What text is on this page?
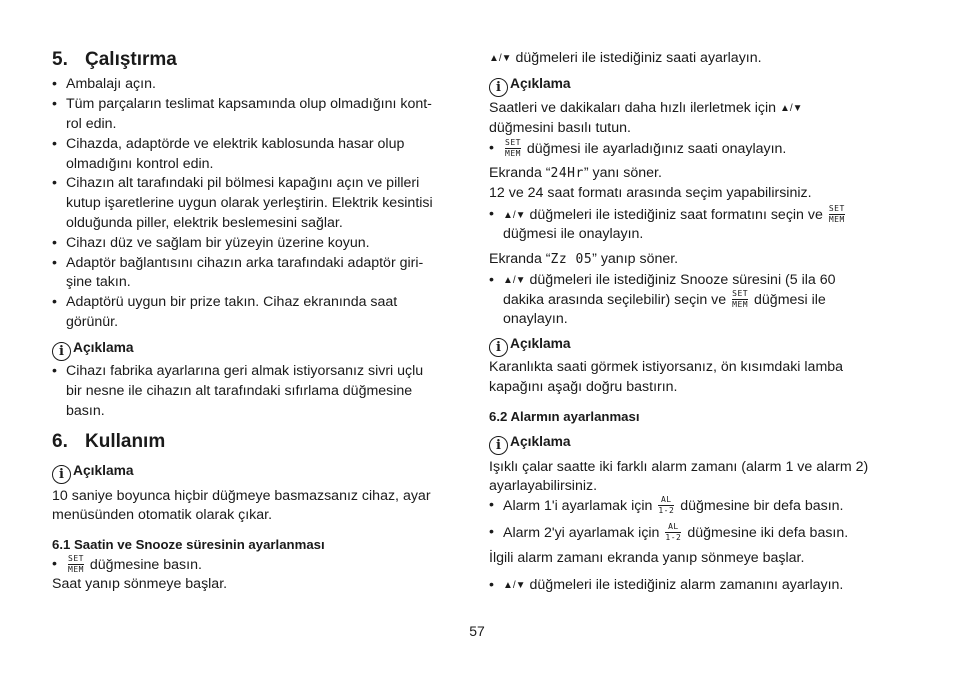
5. Çalıştırma
• Ambalajı açın.
• Tüm parçaların teslimat kapsamında olup olmadığını kont-
rol edin.
• Cihazda, adaptörde ve elektrik kablosunda hasar olup
olmadığını kontrol edin.
• Cihazın alt tarafındaki pil bölmesi kapağını açın ve pilleri
kutup işaretlerine uygun olarak yerleştirin. Elektrik kesintisi
olduğunda piller, elektrik beslemesini sağlar.
• Cihazı düz ve sağlam bir yüzeyin üzerine koyun.
• Adaptör bağlantısını cihazın arka tarafındaki adaptör giri-
şine takın.
• Adaptörü uygun bir prize takın. Cihaz ekranında saat
görünür.
i Açıklama
• Cihazı fabrika ayarlarına geri almak istiyorsanız sivri uçlu
bir nesne ile cihazın alt tarafındaki sıfırlama düğmesine
basın.
6. Kullanım
i Açıklama
10 saniye boyunca hiçbir düğmeye basmazsanız cihaz, ayar
menüsünden otomatik olarak çıkar.
6.1 Saatin ve Snooze süresinin ayarlanması
• SET
MEM düğmesine basın.
Saat yanıp sönmeye başlar.
▲/▼ düğmeleri ile istediğiniz saati ayarlayın.
i Açıklama
Saatleri ve dakikaları daha hızlı ilerletmek için ▲/▼
düğmesini basılı tutun.
• SET
MEM düğmesi ile ayarladığınız saati onaylayın.
Ekranda “24Hr” yanı söner.
12 ve 24 saat formatı arasında seçim yapabilirsiniz.
• ▲/▼ düğmeleri ile istediğiniz saat formatını seçin ve SET
MEM
düğmesi ile onaylayın.
Ekranda “Zz 05” yanıp söner.
• ▲/▼ düğmeleri ile istediğiniz Snooze süresini (5 ila 60
dakika arasında seçilebilir) seçin ve SET
MEM düğmesi ile
onaylayın.
i Açıklama
Karanlıkta saati görmek istiyorsanız, ön kısımdaki lamba
kapağını aşağı doğru bastırın.
6.2 Alarmın ayarlanması
i Açıklama
Işıklı çalar saatte iki farklı alarm zamanı (alarm 1 ve alarm 2)
ayarlayabilirsiniz.
• Alarm 1'i ayarlamak için $\frac{AL}{1-2}$ düğmesine bir defa basın.
• Alarm 2'yi ayarlamak için $\frac{AL}{1-2}$ düğmesine iki defa basın.
İlgili alarm zamanı ekranda yanıp sönmeye başlar.
• ▲/▼ düğmeleri ile istediğiniz alarm zamanını ayarlayın.
57
